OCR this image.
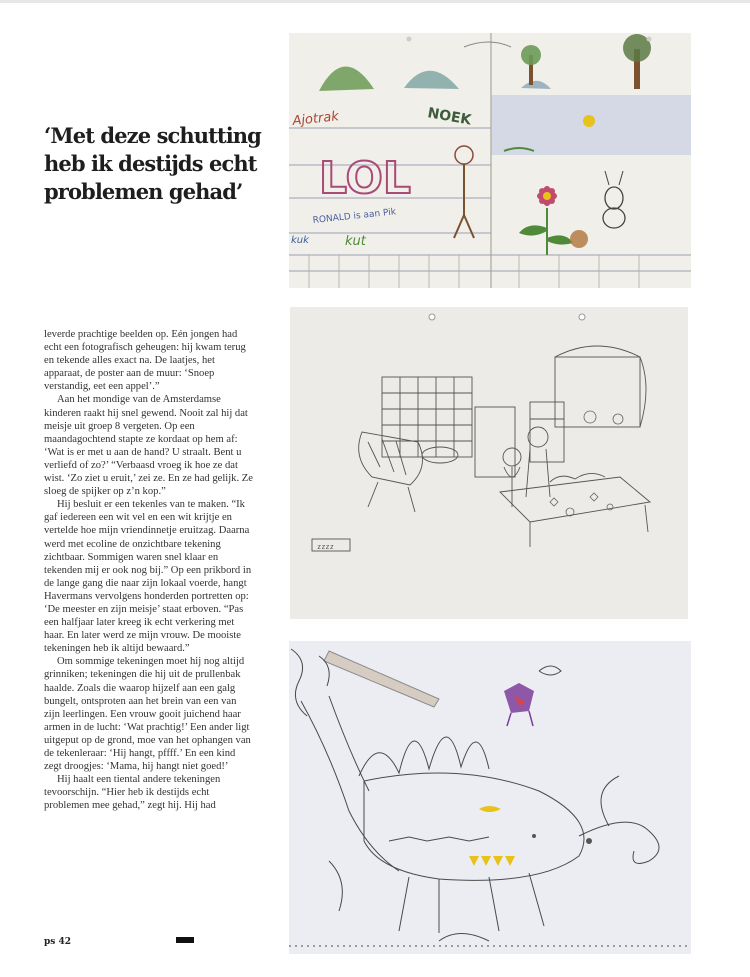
‘Met deze schutting heb ik destijds echt problemen gehad’

leverde prachtige beelden op. Eén jongen had echt een fotografisch geheugen: hij kwam terug en tekende alles exact na. De laatjes, het apparaat, de poster aan de muur: ‘Snoep verstandig, eet een appel’.”

Aan het mondige van de Amsterdamse kinderen raakt hij snel gewend. Nooit zal hij dat meisje uit groep 8 vergeten. Op een maandagochtend stapte ze kordaat op hem af: ‘Wat is er met u aan de hand? U straalt. Bent u verliefd of zo?’ “Verbaasd vroeg ik hoe ze dat wist. ‘Zo ziet u eruit,’ zei ze. En ze had gelijk. Ze sloeg de spijker op z’n kop.”

Hij besluit er een tekenles van te maken. “Ik gaf iedereen een wit vel en een wit krijtje en vertelde hoe mijn vriendinnetje eruitzag. Daarna werd met ecoline de onzichtbare tekening zichtbaar. Sommigen waren snel klaar en tekenden mij er ook nog bij.” Op een prikbord in de lange gang die naar zijn lokaal voerde, hangt Havermans vervolgens honderden portretten op: ‘De meester en zijn meisje’ staat erboven. “Pas een halfjaar later kreeg ik echt verkering met haar. En later werd ze mijn vrouw. De mooiste tekeningen heb ik altijd bewaard.”

Om sommige tekeningen moet hij nog altijd grinniken; tekeningen die hij uit de prullenbak haalde. Zoals die waarop hijzelf aan een galg bungelt, ontsproten aan het brein van een van zijn leerlingen. Een vrouw gooit juichend haar armen in de lucht: ‘Wat prachtig!’ Een ander ligt uitgeput op de grond, moe van het ophangen van de tekenleraar: ‘Hij hangt, pffff.’ En een kind zegt droogjes: ‘Mama, hij hangt niet goed!’

Hij haalt een tiental andere tekeningen tevoorschijn. “Hier heb ik destijds echt problemen mee gehad,” zegt hij. Hij had

ps 42
Ajotrak	NOEK
LOL
RONALD is aan Pik
kuk	kut
zzzz
